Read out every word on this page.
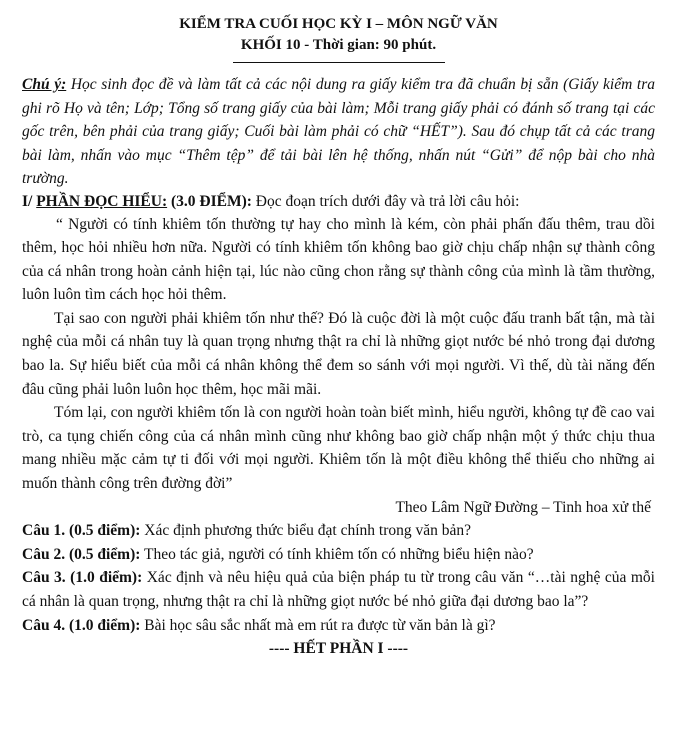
KIỂM TRA CUỐI HỌC KỲ I – MÔN NGỮ VĂN
KHỐI 10 - Thời gian: 90 phút.
Chú ý: Học sinh đọc đề và làm tất cả các nội dung ra giấy kiểm tra đã chuẩn bị sẵn (Giấy kiểm tra ghi rõ Họ và tên; Lớp; Tổng số trang giấy của bài làm; Mỗi trang giấy phải có đánh số trang tại các gốc trên, bên phải của trang giấy; Cuối bài làm phải có chữ “HẾT”). Sau đó chụp tất cả các trang bài làm, nhấn vào mục “Thêm tệp” để tải bài lên hệ thống, nhấn nút “Gửi” để nộp bài cho nhà trường.
I/ PHẦN ĐỌC HIỂU: (3.0 ĐIỂM): Đọc đoạn trích dưới đây và trả lời câu hỏi:

“ Người có tính khiêm tốn thường tự hay cho mình là kém, còn phải phấn đấu thêm, trau dồi thêm, học hỏi nhiều hơn nữa. Người có tính khiêm tốn không bao giờ chịu chấp nhận sự thành công của cá nhân trong hoàn cảnh hiện tại, lúc nào cũng chon rằng sự thành công của mình là tầm thường, luôn luôn tìm cách học hỏi thêm.

Tại sao con người phải khiêm tốn như thế? Đó là cuộc đời là một cuộc đấu tranh bất tận, mà tài nghệ của mỗi cá nhân tuy là quan trọng nhưng thật ra chỉ là những giọt nước bé nhỏ trong đại dương bao la. Sự hiểu biết của mỗi cá nhân không thể đem so sánh với mọi người. Vì thế, dù tài năng đến đâu cũng phải luôn luôn học thêm, học mãi mãi.

Tóm lại, con người khiêm tốn là con người hoàn toàn biết mình, hiểu người, không tự đề cao vai trò, ca tụng chiến công của cá nhân mình cũng như không bao giờ chấp nhận một ý thức chịu thua mang nhiều mặc cảm tự ti đối với mọi người. Khiêm tốn là một điều không thể thiếu cho những ai muốn thành công trên đường đời”

Theo Lâm Ngữ Đường – Tinh hoa xử thế

Câu 1. (0.5 điểm): Xác định phương thức biểu đạt chính trong văn bản?

Câu 2. (0.5 điểm): Theo tác giả, người có tính khiêm tốn có những biểu hiện nào?

Câu 3. (1.0 điểm): Xác định và nêu hiệu quả của biện pháp tu từ trong câu văn “…tài nghệ của mỗi cá nhân là quan trọng, nhưng thật ra chỉ là những giọt nước bé nhỏ giữa đại dương bao la”?

Câu 4. (1.0 điểm): Bài học sâu sắc nhất mà em rút ra được từ văn bản là gì?

---- HẾT PHẦN I ----
